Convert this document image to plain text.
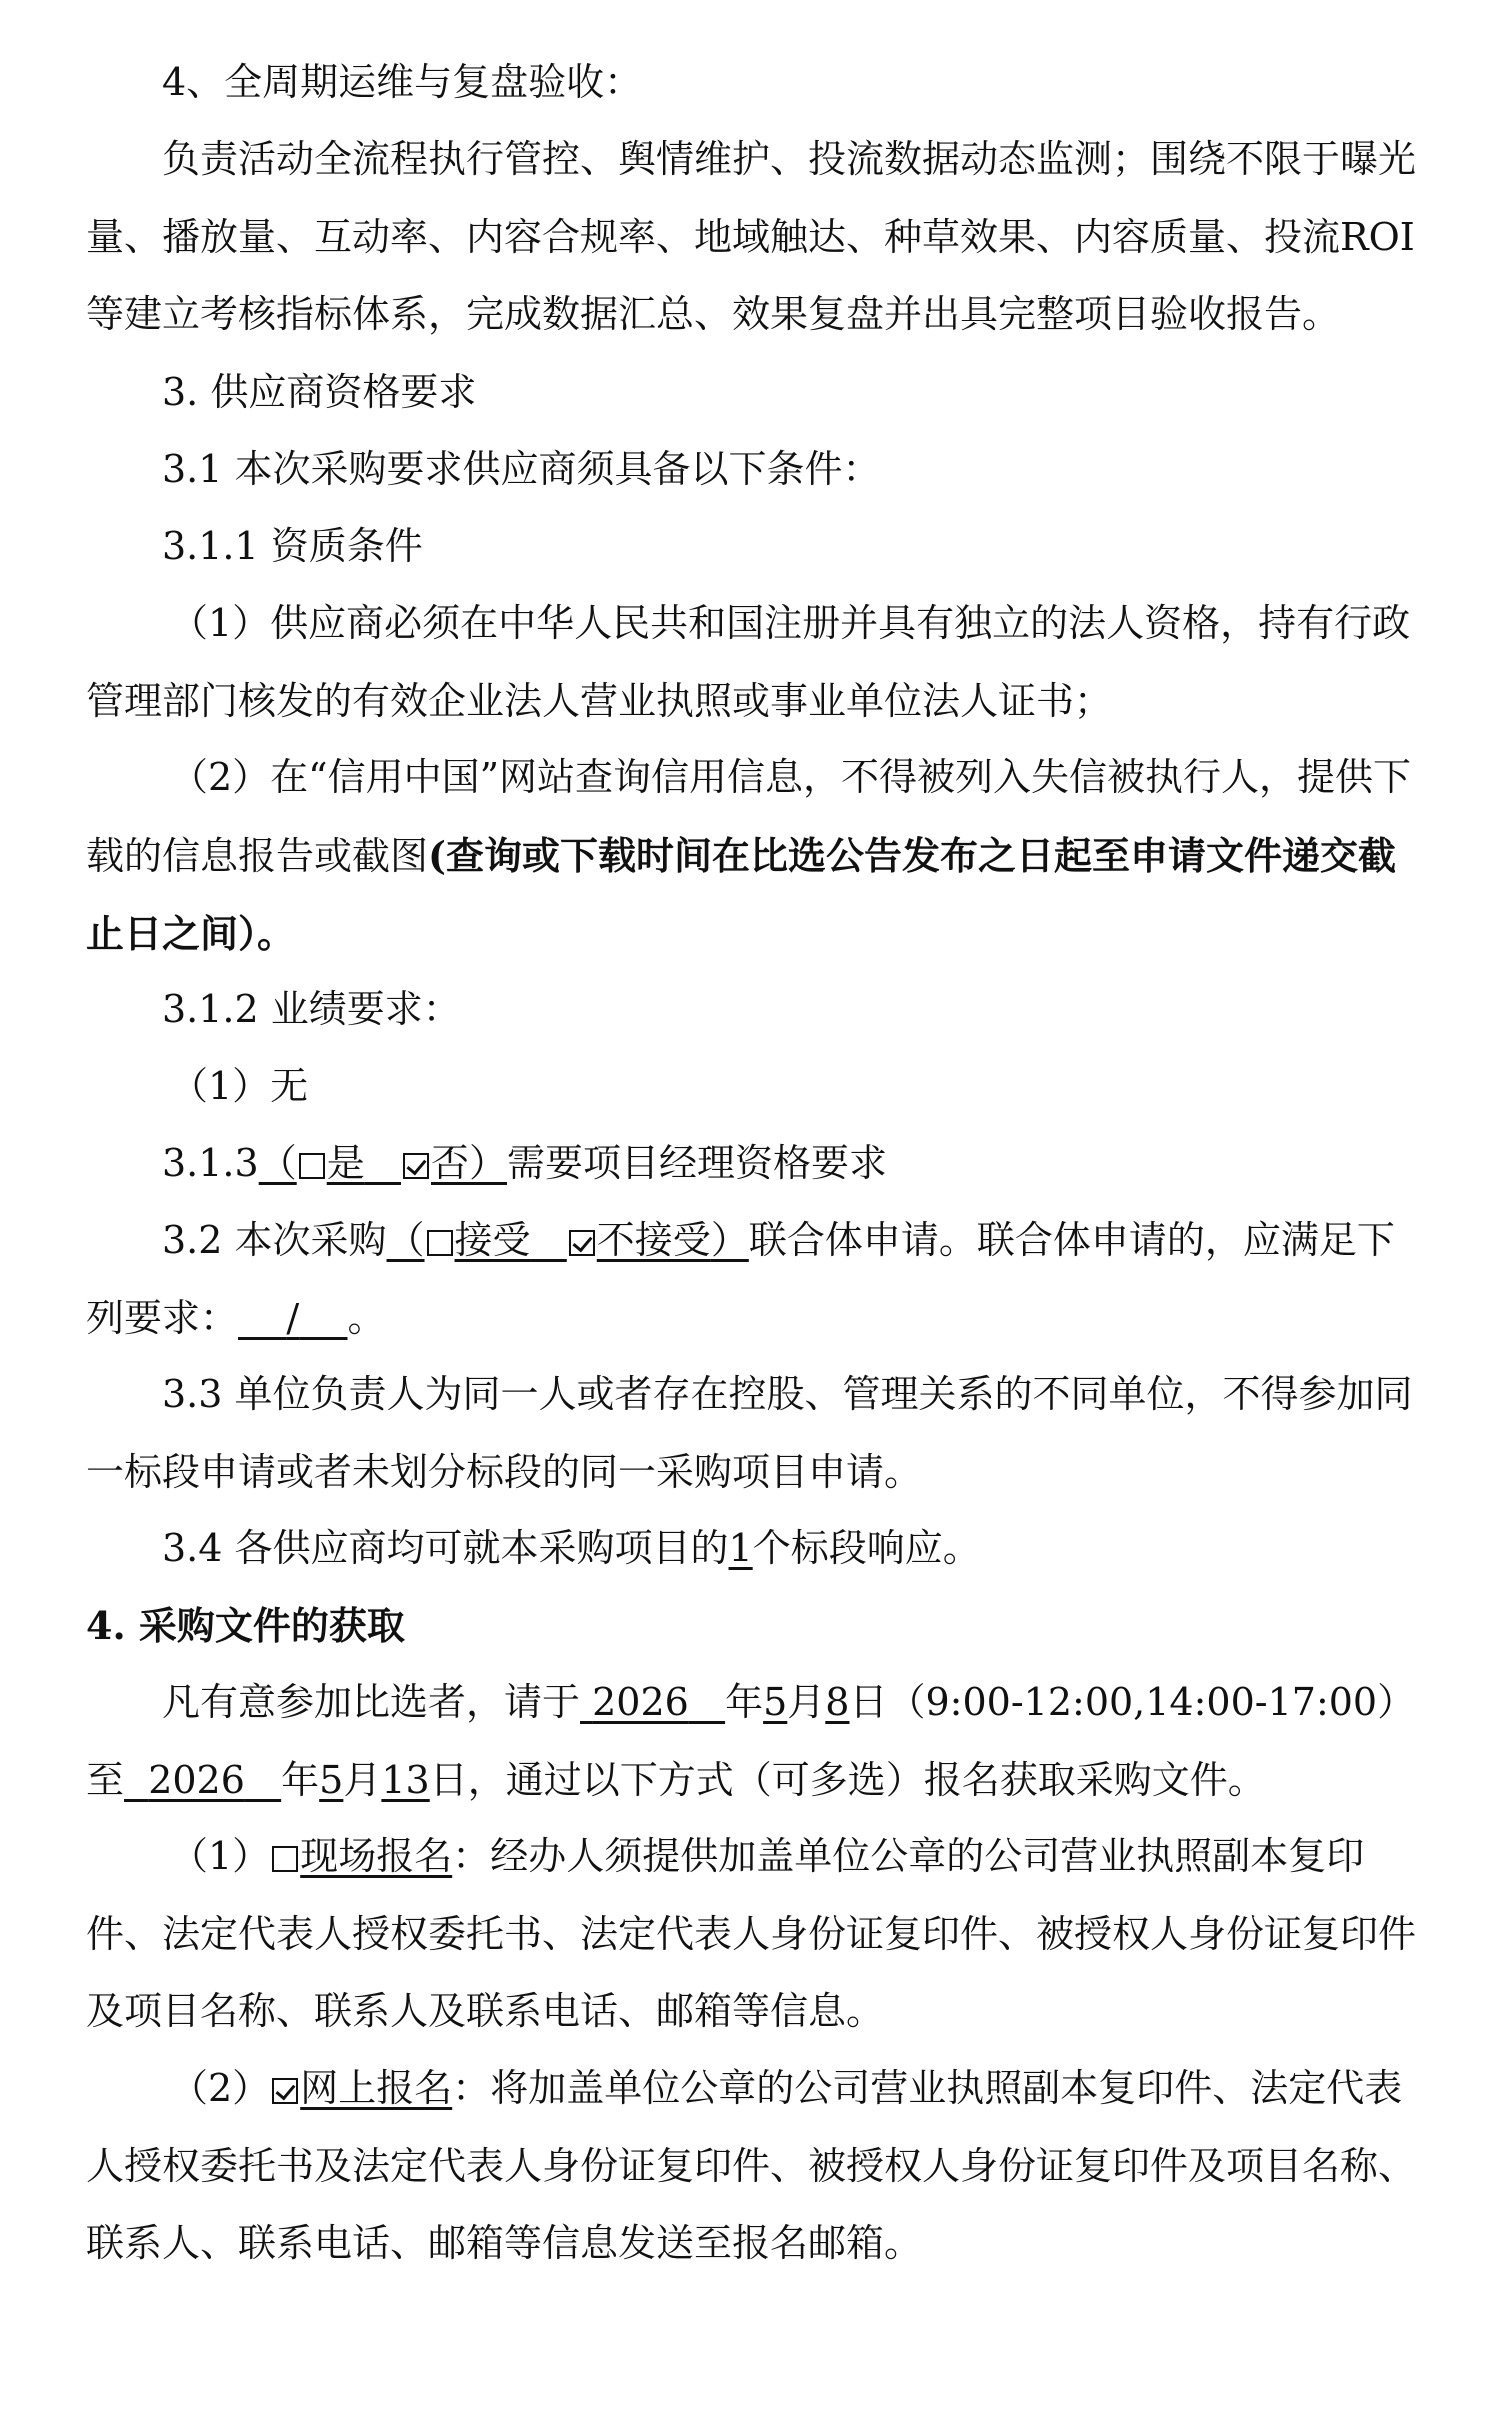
4、全周期运维与复盘验收：

负责活动全流程执行管控、舆情维护、投流数据动态监测；围绕不限于曝光量、播放量、互动率、内容合规率、地域触达、种草效果、内容质量、投流ROI等建立考核指标体系，完成数据汇总、效果复盘并出具完整项目验收报告。

3. 供应商资格要求

3.1 本次采购要求供应商须具备以下条件：

3.1.1 资质条件

（1）供应商必须在中华人民共和国注册并具有独立的法人资格，持有行政管理部门核发的有效企业法人营业执照或事业单位法人证书；

（2）在“信用中国”网站查询信用信息，不得被列入失信被执行人，提供下载的信息报告或截图(查询或下载时间在比选公告发布之日起至申请文件递交截止日之间）。

3.1.2 业绩要求：

（1）无

3.1.3（ 是 否）需要项目经理资格要求

3.2 本次采购（ 接受 不接受）联合体申请。联合体申请的，应满足下列要求： / 。

3.3 单位负责人为同一人或者存在控股、管理关系的不同单位，不得参加同一标段申请或者未划分标段的同一采购项目申请。

3.4 各供应商均可就本采购项目的1个标段响应。

4. 采购文件的获取

凡有意参加比选者，请于 2026 年5月8日（9:00-12:00,14:00-17:00）至 2026 年5月13日，通过以下方式（可多选）报名获取采购文件。

（1） 现场报名：经办人须提供加盖单位公章的公司营业执照副本复印件、法定代表人授权委托书、法定代表人身份证复印件、被授权人身份证复印件及项目名称、联系人及联系电话、邮箱等信息。

（2） 网上报名：将加盖单位公章的公司营业执照副本复印件、法定代表人授权委托书及法定代表人身份证复印件、被授权人身份证复印件及项目名称、联系人、联系电话、邮箱等信息发送至报名邮箱。
